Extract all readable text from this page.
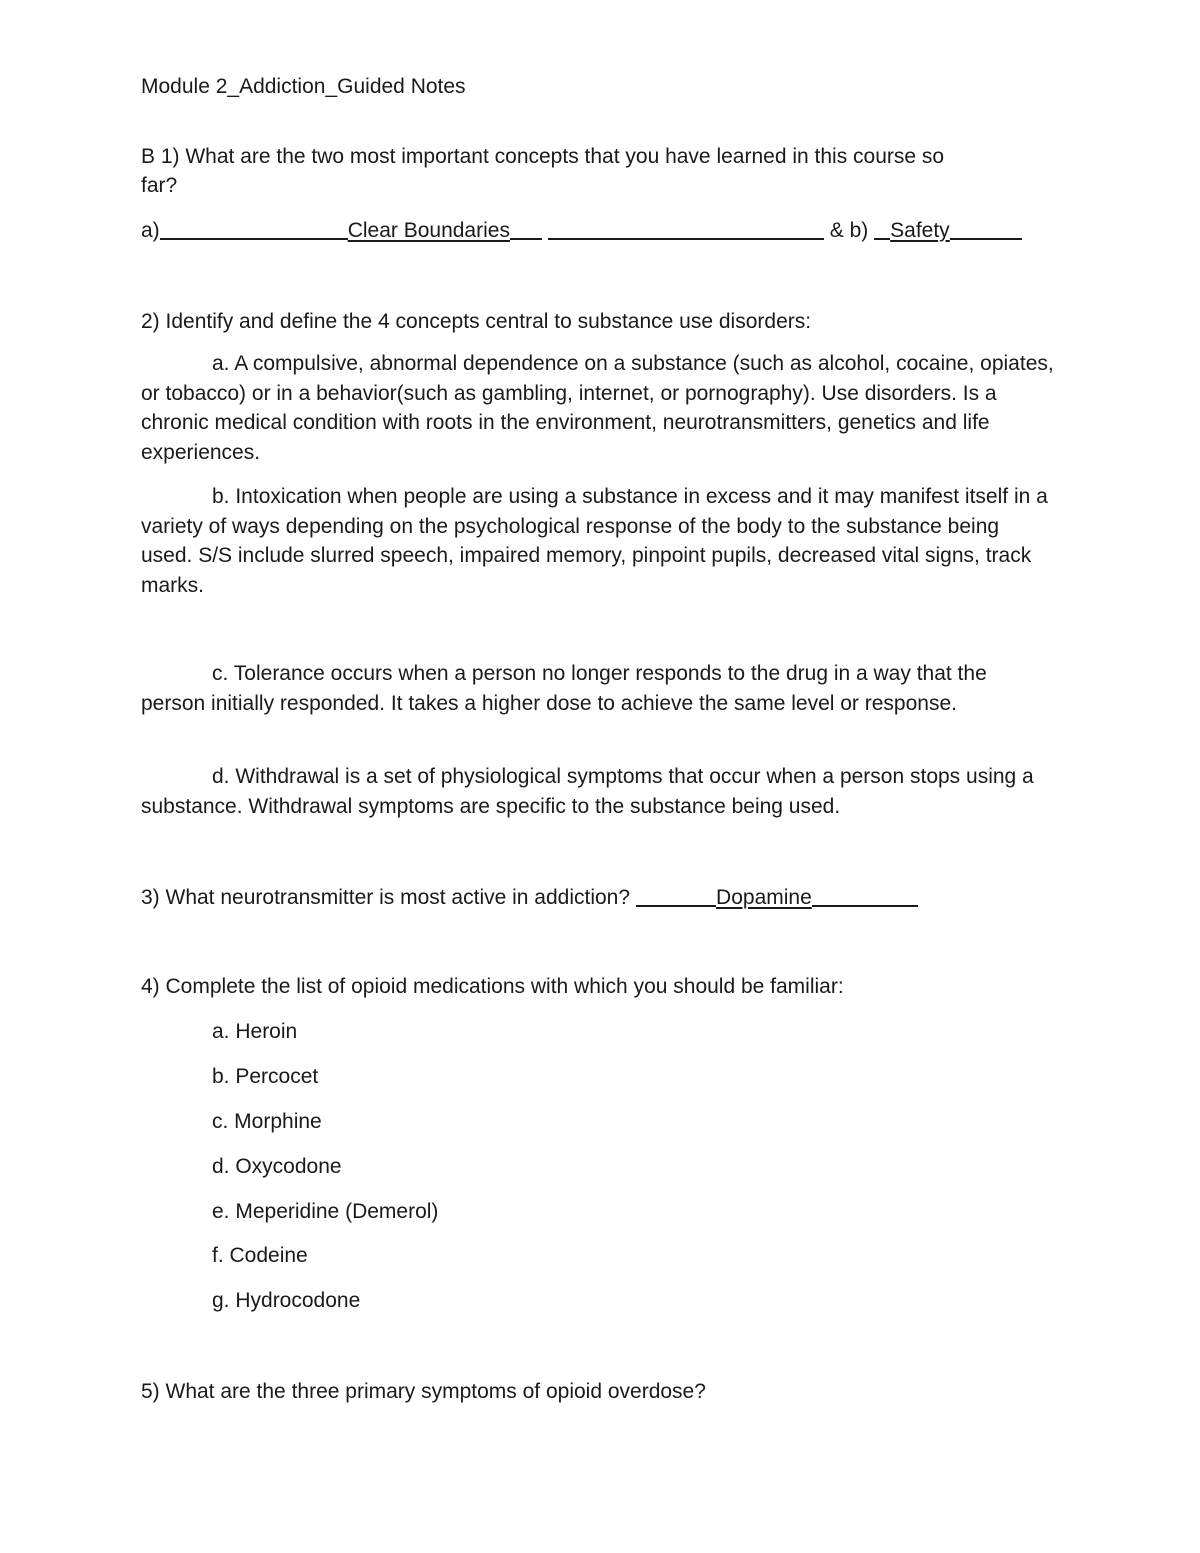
Module 2_Addiction_Guided Notes
B 1) What are the two most important concepts that you have learned in this course so
far?
a)	Clear Boundaries	& b) Safety
2) Identify and define the 4 concepts central to substance use disorders:
a. A compulsive, abnormal dependence on a substance (such as alcohol, cocaine, opiates, or tobacco) or in a behavior(such as gambling, internet, or pornography). Use disorders. Is a chronic medical condition with roots in the environment, neurotransmitters, genetics and life experiences.
b. Intoxication when people are using a substance in excess and it may manifest itself in a variety of ways depending on the psychological response of the body to the substance being used. S/S include slurred speech, impaired memory, pinpoint pupils, decreased vital signs, track marks.
c. Tolerance occurs when a person no longer responds to the drug in a way that the person initially responded. It takes a higher dose to achieve the same level or response.
d. Withdrawal is a set of physiological symptoms that occur when a person stops using a substance. Withdrawal symptoms are specific to the substance being used.
3) What neurotransmitter is most active in addiction?	Dopamine
4) Complete the list of opioid medications with which you should be familiar:
a. Heroin
b. Percocet
c. Morphine
d. Oxycodone
e. Meperidine (Demerol)
f. Codeine
g. Hydrocodone
5) What are the three primary symptoms of opioid overdose?
